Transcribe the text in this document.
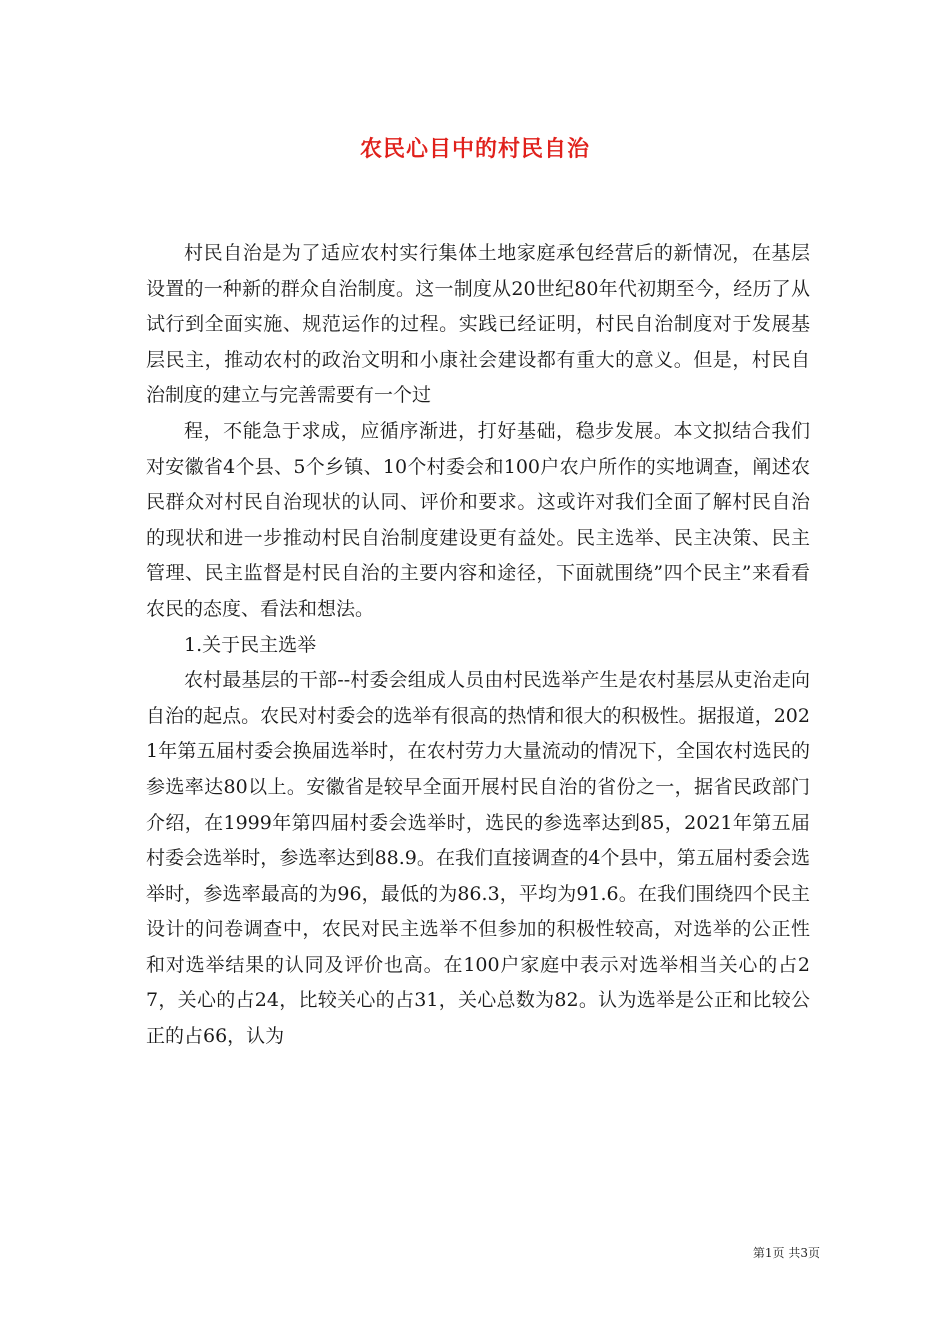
农民心目中的村民自治

村民自治是为了适应农村实行集体土地家庭承包经营后的新情况，在基层设置的一种新的群众自治制度。这一制度从20世纪80年代初期至今，经历了从试行到全面实施、规范运作的过程。实践已经证明，村民自治制度对于发展基层民主，推动农村的政治文明和小康社会建设都有重大的意义。但是，村民自治制度的建立与完善需要有一个过

程，不能急于求成，应循序渐进，打好基础，稳步发展。本文拟结合我们对安徽省4个县、5个乡镇、10个村委会和100户农户所作的实地调查，阐述农民群众对村民自治现状的认同、评价和要求。这或许对我们全面了解村民自治的现状和进一步推动村民自治制度建设更有益处。民主选举、民主决策、民主管理、民主监督是村民自治的主要内容和途径，下面就围绕”四个民主”来看看农民的态度、看法和想法。

1.关于民主选举

农村最基层的干部--村委会组成人员由村民选举产生是农村基层从吏治走向自治的起点。农民对村委会的选举有很高的热情和很大的积极性。据报道，2021年第五届村委会换届选举时，在农村劳力大量流动的情况下，全国农村选民的参选率达80以上。安徽省是较早全面开展村民自治的省份之一，据省民政部门介绍，在1999年第四届村委会选举时，选民的参选率达到85，2021年第五届村委会选举时，参选率达到88.9。在我们直接调查的4个县中，第五届村委会选举时，参选率最高的为96，最低的为86.3，平均为91.6。在我们围绕四个民主设计的问卷调查中，农民对民主选举不但参加的积极性较高，对选举的公正性和对选举结果的认同及评价也高。在100户家庭中表示对选举相当关心的占27，关心的占24，比较关心的占31，关心总数为82。认为选举是公正和比较公正的占66，认为

第1页 共3页
